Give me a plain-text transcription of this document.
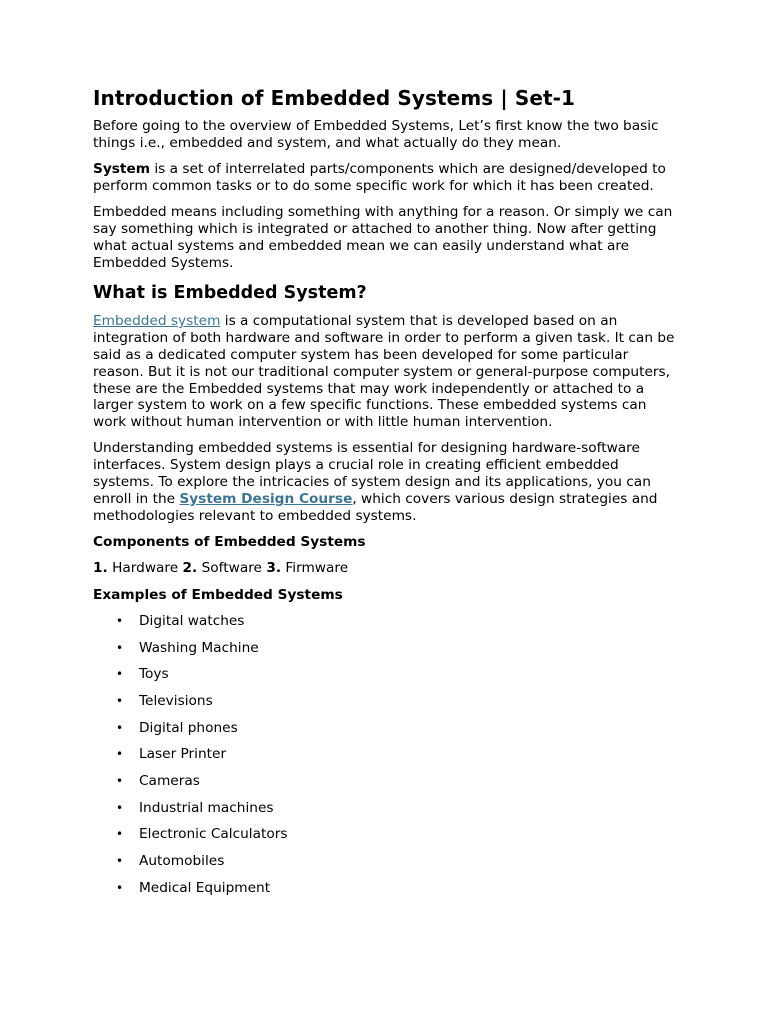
Introduction of Embedded Systems | Set-1

Before going to the overview of Embedded Systems, Let’s first know the two basic things i.e., embedded and system, and what actually do they mean.

System is a set of interrelated parts/components which are designed/developed to perform common tasks or to do some specific work for which it has been created.

Embedded means including something with anything for a reason. Or simply we can say something which is integrated or attached to another thing. Now after getting what actual systems and embedded mean we can easily understand what are Embedded Systems.

What is Embedded System?

Embedded system is a computational system that is developed based on an integration of both hardware and software in order to perform a given task. It can be said as a dedicated computer system has been developed for some particular reason. But it is not our traditional computer system or general-purpose computers, these are the Embedded systems that may work independently or attached to a larger system to work on a few specific functions. These embedded systems can work without human intervention or with little human intervention.

Understanding embedded systems is essential for designing hardware-software interfaces. System design plays a crucial role in creating efficient embedded systems. To explore the intricacies of system design and its applications, you can enroll in the System Design Course, which covers various design strategies and methodologies relevant to embedded systems.

Components of Embedded Systems

1. Hardware 2. Software 3. Firmware

Examples of Embedded Systems

• Digital watches
• Washing Machine
• Toys
• Televisions
• Digital phones
• Laser Printer
• Cameras
• Industrial machines
• Electronic Calculators
• Automobiles
• Medical Equipment
